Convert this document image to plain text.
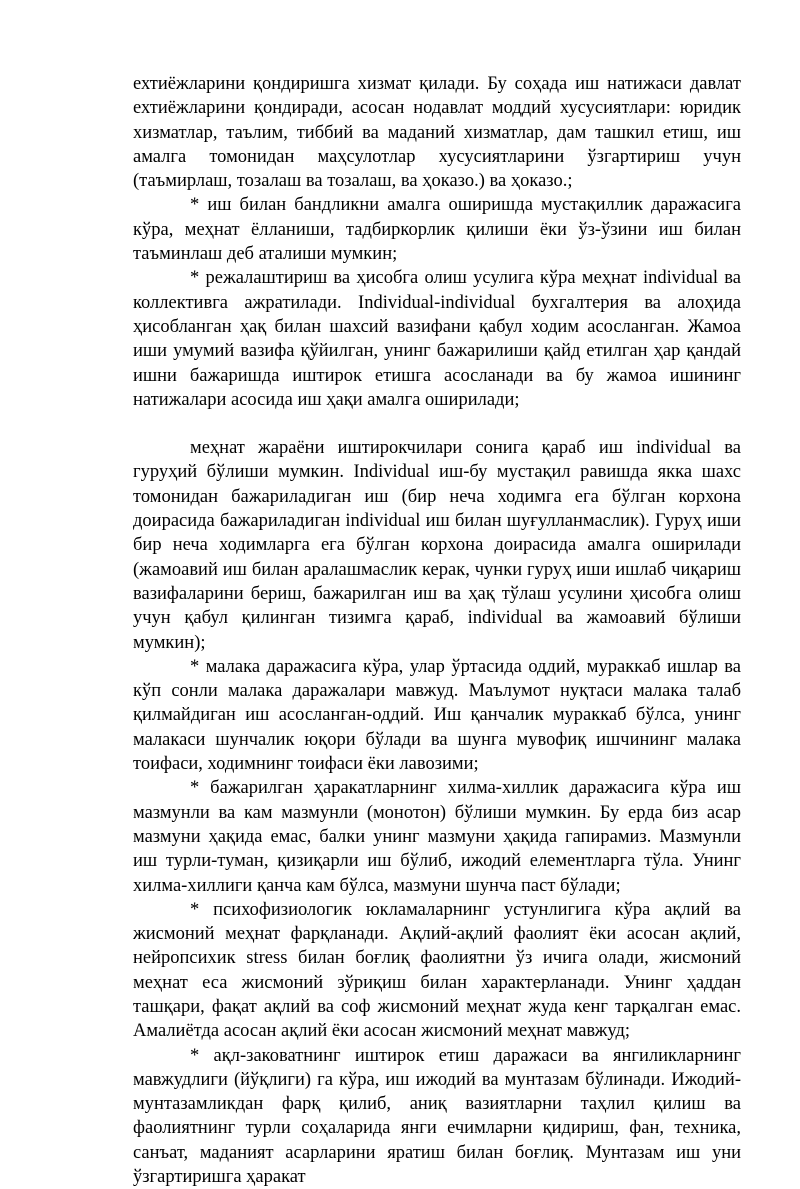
ехтиёжларини қондиришга хизмат қилади. Бу соҳада иш натижаси давлат ехтиёжларини қондиради, асосан нодавлат моддий хусусиятлари: юридик хизматлар, таълим, тиббий ва маданий хизматлар, дам ташкил етиш, иш амалга томонидан маҳсулотлар хусусиятларини ўзгартириш учун (таъмирлаш, тозалаш ва тозалаш, ва ҳоказо.) ва ҳоказо.;

* иш билан бандликни амалга оширишда мустақиллик даражасига кўра, меҳнат ёлланиши, тадбиркорлик қилиши ёки ўз-ўзини иш билан таъминлаш деб аталиши мумкин;

* режалаштириш ва ҳисобга олиш усулига кўра меҳнат individual ва коллективга ажратилади. Individual-individual бухгалтерия ва алоҳида ҳисобланган ҳақ билан шахсий вазифани қабул ходим асосланган. Жамоа иши умумий вазифа қўйилган, унинг бажарилиши қайд етилган ҳар қандай ишни бажаришда иштирок етишга асосланади ва бу жамоа ишининг натижалари асосида иш ҳақи амалга оширилади;

меҳнат жараёни иштирокчилари сонига қараб иш individual ва гуруҳий бўлиши мумкин. Individual иш-бу мустақил равишда якка шахс томонидан бажариладиган иш (бир неча ходимга ега бўлган корхона доирасида бажариладиган individual иш билан шуғулланмаслик). Гуруҳ иши бир неча ходимларга ега бўлган корхона доирасида амалга оширилади (жамоавий иш билан аралашмаслик керак, чунки гуруҳ иши ишлаб чиқариш вазифаларини бериш, бажарилган иш ва ҳақ тўлаш усулини ҳисобга олиш учун қабул қилинган тизимга қараб, individual ва жамоавий бўлиши мумкин);

* малака даражасига кўра, улар ўртасида оддий, мураккаб ишлар ва кўп сонли малака даражалари мавжуд. Маълумот нуқтаси малака талаб қилмайдиган иш асосланган-оддий. Иш қанчалик мураккаб бўлса, унинг малакаси шунчалик юқори бўлади ва шунга мувофиқ ишчининг малака тоифаси, ходимнинг тоифаси ёки лавозими;

* бажарилган ҳаракатларнинг хилма-хиллик даражасига кўра иш мазмунли ва кам мазмунли (монотон) бўлиши мумкин. Бу ерда биз асар мазмуни ҳақида емас, балки унинг мазмуни ҳақида гапирамиз. Мазмунли иш турли-туман, қизиқарли иш бўлиб, ижодий елементларга тўла. Унинг хилма-хиллиги қанча кам бўлса, мазмуни шунча паст бўлади;

* психофизиологик юкламаларнинг устунлигига кўра ақлий ва жисмоний меҳнат фарқланади. Ақлий-ақлий фаолият ёки асосан ақлий, нейропсихик stress билан боғлиқ фаолиятни ўз ичига олади, жисмоний меҳнат еса жисмоний зўриқиш билан характерланади. Унинг ҳаддан ташқари, фақат ақлий ва соф жисмоний меҳнат жуда кенг тарқалган емас. Амалиётда асосан ақлий ёки асосан жисмоний меҳнат мавжуд;

* ақл-заковатнинг иштирок етиш даражаси ва янгиликларнинг мавжудлиги (йўқлиги) га кўра, иш ижодий ва мунтазам бўлинади. Ижодий-мунтазамликдан фарқ қилиб, аниқ вазиятларни таҳлил қилиш ва фаолиятнинг турли соҳаларида янги ечимларни қидириш, фан, техника, санъат, маданият асарларини яратиш билан боғлиқ. Мунтазам иш уни ўзгартиришга ҳаракат
